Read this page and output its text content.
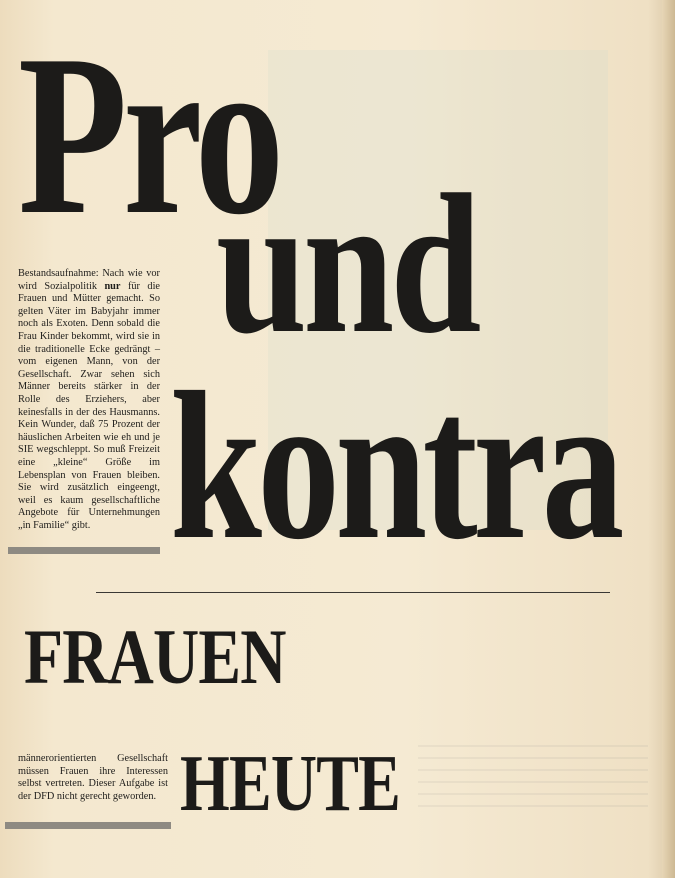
Pro
und
kontra

Bestandsaufnahme: Nach wie vor wird Sozialpolitik nur für die Frauen und Mütter gemacht. So gelten Väter im Babyjahr immer noch als Exoten. Denn sobald die Frau Kinder bekommt, wird sie in die traditionelle Ecke gedrängt – vom eigenen Mann, von der Gesellschaft. Zwar sehen sich Männer bereits stärker in der Rolle des Erziehers, aber keinesfalls in der des Hausmanns. Kein Wunder, daß 75 Prozent der häuslichen Arbeiten wie eh und je SIE wegschleppt. So muß Freizeit eine „kleine“ Größe im Lebensplan von Frauen bleiben. Sie wird zusätzlich eingeengt, weil es kaum gesellschaftliche Angebote für Unternehmungen „in Familie“ gibt.

FRAUEN
HEUTE

männerorientierten Gesellschaft müssen Frauen ihre Interessen selbst vertreten. Dieser Aufgabe ist der DFD nicht gerecht geworden.
